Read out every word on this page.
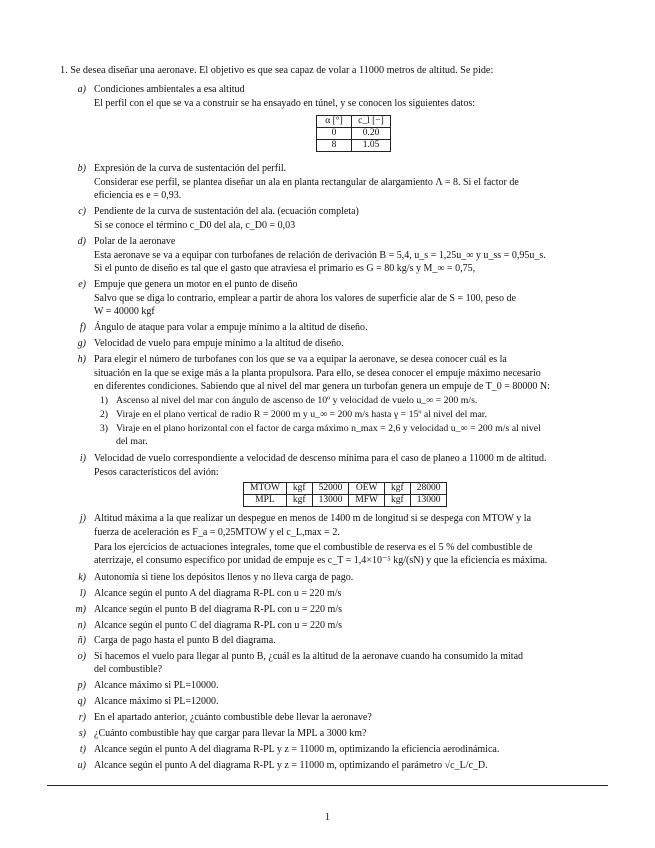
1. Se desea diseñar una aeronave. El objetivo es que sea capaz de volar a 11000 metros de altitud. Se pide:
a) Condiciones ambientales a esa altitud
El perfil con el que se va a construir se ha ensayado en túnel, y se conocen los siguientes datos:
α [°]	c_l [−]
0	0.20
8	1.05
b) Expresión de la curva de sustentación del perfil.
Considerar ese perfil, se plantea diseñar un ala en planta rectangular de alargamiento Λ = 8. Si el factor de
eficiencia es e = 0,93.
c) Pendiente de la curva de sustentación del ala. (ecuación completa)
Si se conoce el término c_D0 del ala, c_D0 = 0,03
d) Polar de la aeronave
Esta aeronave se va a equipar con turbofanes de relación de derivación B = 5,4, u_s = 1,25u_∞ y u_ss = 0,95u_s.
Si el punto de diseño es tal que el gasto que atraviesa el primario es G = 80 kg/s y M_∞ = 0,75,
e) Empuje que genera un motor en el punto de diseño
Salvo que se diga lo contrario, emplear a partir de ahora los valores de superficie alar de S = 100, peso de
W = 40000 kgf
f) Ángulo de ataque para volar a empuje mínimo a la altitud de diseño.
g) Velocidad de vuelo para empuje mínimo a la altitud de diseño.
h) Para elegir el número de turbofanes con los que se va a equipar la aeronave, se desea conocer cuál es la
situación en la que se exige más a la planta propulsora. Para ello, se desea conocer el empuje máximo necesario
en diferentes condiciones. Sabiendo que al nivel del mar genera un turbofan genera un empuje de T_0 = 80000 N:
1) Ascenso al nivel del mar con ángulo de ascenso de 10º y velocidad de vuelo u_∞ = 200 m/s.
2) Viraje en el plano vertical de radio R = 2000 m y u_∞ = 200 m/s hasta γ = 15º al nivel del mar.
3) Viraje en el plano horizontal con el factor de carga máximo n_max = 2,6 y velocidad u_∞ = 200 m/s al nivel
del mar.
i) Velocidad de vuelo correspondiente a velocidad de descenso mínima para el caso de planeo a 11000 m de altitud.
Pesos característicos del avión:
MTOW	kgf	52000	OEW	kgf	28000
MPL	kgf	13000	MFW	kgf	13000
j) Altitud máxima a la que realizar un despegue en menos de 1400 m de longitud si se despega con MTOW y la
fuerza de aceleración es F_a = 0,25MTOW y el c_L,max = 2.
Para los ejercicios de actuaciones integrales, tome que el combustible de reserva es el 5 % del combustible de
aterrizaje, el consumo específico por unidad de empuje es c_T = 1,4×10⁻⁵ kg/(sN) y que la eficiencia es máxima.
k) Autonomía si tiene los depósitos llenos y no lleva carga de pago.
l) Alcance según el punto A del diagrama R-PL con u = 220 m/s
m) Alcance según el punto B del diagrama R-PL con u = 220 m/s
n) Alcance según el punto C del diagrama R-PL con u = 220 m/s
ñ) Carga de pago hasta el punto B del diagrama.
o) Si hacemos el vuelo para llegar al punto B, ¿cuál es la altitud de la aeronave cuando ha consumido la mitad
del combustible?
p) Alcance máximo si PL=10000.
q) Alcance máximo si PL=12000.
r) En el apartado anterior, ¿cuánto combustible debe llevar la aeronave?
s) ¿Cuánto combustible hay que cargar para llevar la MPL a 3000 km?
t) Alcance según el punto A del diagrama R-PL y z = 11000 m, optimizando la eficiencia aerodinámica.
u) Alcance según el punto A del diagrama R-PL y z = 11000 m, optimizando el parámetro √c_L/c_D.
1
